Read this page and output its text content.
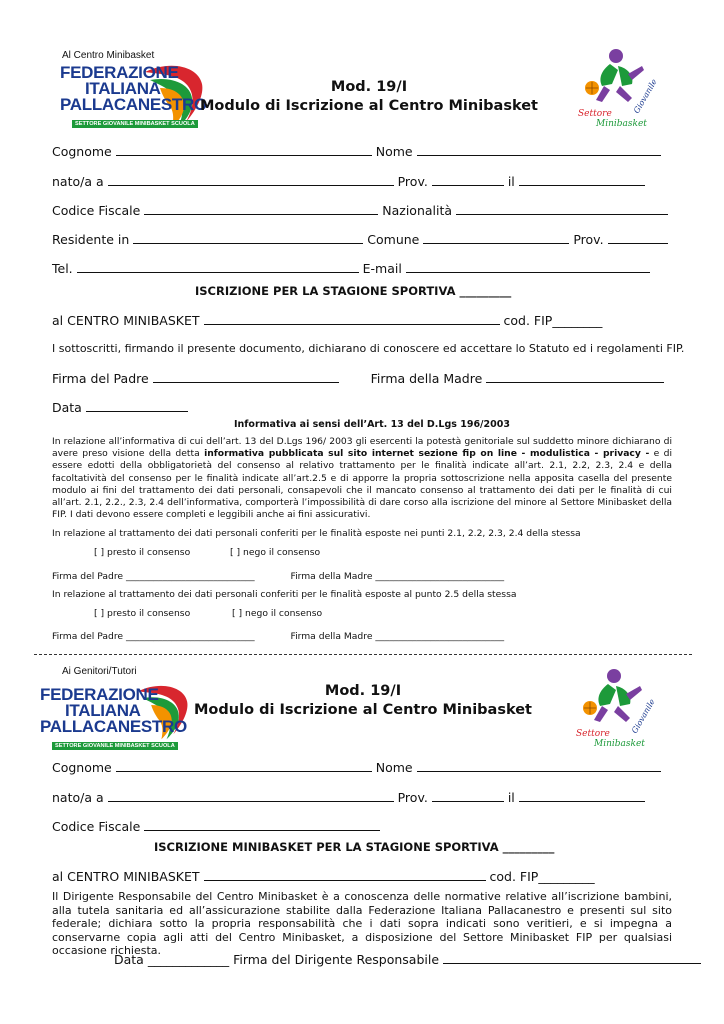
Al Centro Minibasket
FEDERAZIONE
ITALIANA
PALLACANESTRO
SETTORE GIOVANILE MINIBASKET SCUOLA
Mod. 19/I
Modulo di Iscrizione al Centro Minibasket	Settore
Minibasket
Giovanile
Cognome	Nome
nato/a a	Prov.	il
Codice Fiscale	Nazionalità
Residente in	Comune	Prov.
Tel.	E-mail
ISCRIZIONE PER LA STAGIONE SPORTIVA _________
al CENTRO MINIBASKET	cod. FIP________
I sottoscritti, firmando il presente documento, dichiarano di conoscere ed accettare lo Statuto ed i regolamenti FIP.
Firma del Padre	Firma della Madre
Data
Informativa ai sensi dell’Art. 13 del D.Lgs 196/2003
In relazione all’informativa di cui dell’art. 13 del D.Lgs 196/ 2003 gli esercenti la potestà genitoriale sul suddetto minore dichiarano di avere preso visione della detta informativa pubblicata sul sito internet sezione fip on line - modulistica - privacy - e di essere edotti della obbligatorietà del consenso al relativo trattamento per le finalità indicate all’art. 2.1, 2.2, 2.3, 2.4 e della facoltatività del consenso per le finalità indicate all’art.2.5 e di apporre la propria sottoscrizione nella apposita casella del presente modulo ai fini del trattamento dei dati personali, consapevoli che il mancato consenso al trattamento dei dati per le finalità di cui all’art. 2.1, 2.2., 2.3, 2.4 dell’informativa, comporterà l’impossibilità di dare corso alla iscrizione del minore al Settore Minibasket della FIP. I dati devono essere completi e leggibili anche ai fini assicurativi.
In relazione al trattamento dei dati personali conferiti per le finalità esposte nei punti 2.1, 2.2, 2.3, 2.4 della stessa
[ ] presto il consenso	[ ] nego il consenso
Firma del Padre ____________________________	Firma della Madre ____________________________
In relazione al trattamento dei dati personali conferiti per le finalità esposte al punto 2.5 della stessa
[ ] presto il consenso	[ ] nego il consenso
Firma del Padre ____________________________	Firma della Madre ____________________________
Ai Genitori/Tutori
FEDERAZIONE
ITALIANA
PALLACANESTRO
SETTORE GIOVANILE MINIBASKET SCUOLA
Mod. 19/I
Modulo di Iscrizione al Centro Minibasket
Settore
Minibasket
Giovanile
Cognome	Nome
nato/a a	Prov.	il
Codice Fiscale
ISCRIZIONE MINIBASKET PER LA STAGIONE SPORTIVA _________
al CENTRO MINIBASKET	cod. FIP_________
Il Dirigente Responsabile del Centro Minibasket è a conoscenza delle normative relative all’iscrizione bambini, alla tutela sanitaria ed all’assicurazione stabilite dalla Federazione Italiana Pallacanestro e presenti sul sito federale; dichiara sotto la propria responsabilità che i dati sopra indicati sono veritieri, e si impegna a conservarne copia agli atti del Centro Minibasket, a disposizione del Settore Minibasket FIP per qualsiasi occasione richiesta.
Data _____________ Firma del Dirigente Responsabile
